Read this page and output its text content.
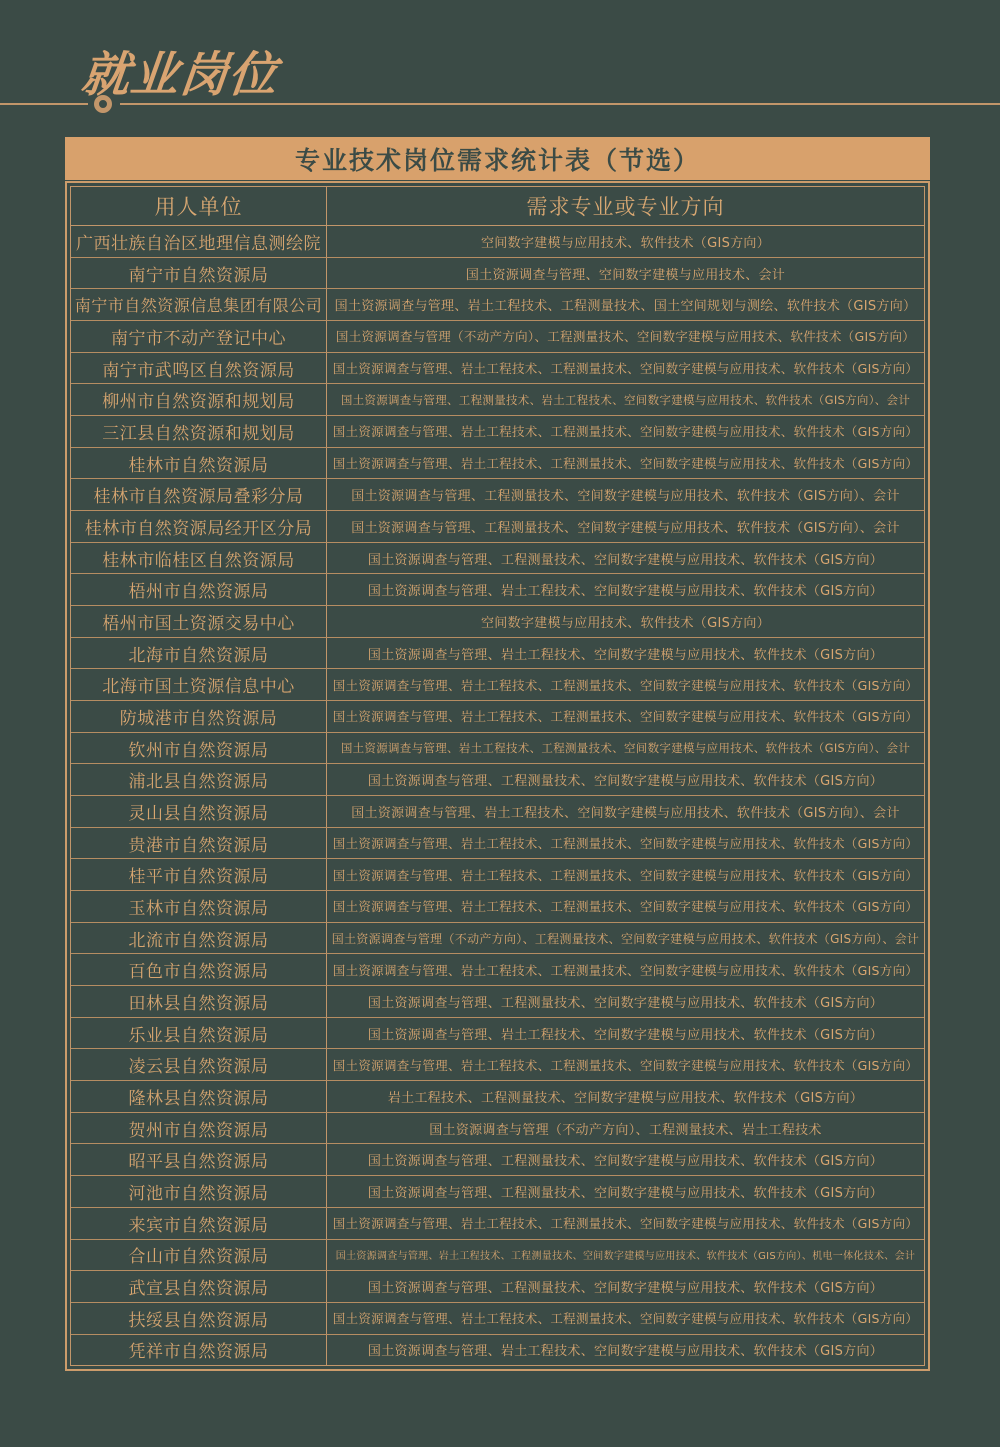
就业岗位
专业技术岗位需求统计表（节选）
用人单位	需求专业或专业方向
广西壮族自治区地理信息测绘院	空间数字建模与应用技术、软件技术（GIS方向）
南宁市自然资源局	国土资源调查与管理、空间数字建模与应用技术、会计
南宁市自然资源信息集团有限公司 国土资源调查与管理、岩土工程技术、工程测量技术、国土空间规划与测绘、软件技术（GIS方向）
南宁市不动产登记中心	国土资源调查与管理（不动产方向）、工程测量技术、空间数字建模与应用技术、软件技术（GIS方向）
南宁市武鸣区自然资源局	国土资源调查与管理、岩土工程技术、工程测量技术、空间数字建模与应用技术、软件技术（GIS方向）
柳州市自然资源和规划局	国土资源调查与管理、工程测量技术、岩土工程技术、空间数字建模与应用技术、软件技术（GIS方向）、会计
三江县自然资源和规划局	国土资源调查与管理、岩土工程技术、工程测量技术、空间数字建模与应用技术、软件技术（GIS方向）
桂林市自然资源局	国土资源调查与管理、岩土工程技术、工程测量技术、空间数字建模与应用技术、软件技术（GIS方向）
桂林市自然资源局叠彩分局	国土资源调查与管理、工程测量技术、空间数字建模与应用技术、软件技术（GIS方向）、会计
桂林市自然资源局经开区分局	国土资源调查与管理、工程测量技术、空间数字建模与应用技术、软件技术（GIS方向）、会计
桂林市临桂区自然资源局	国土资源调查与管理、工程测量技术、空间数字建模与应用技术、软件技术（GIS方向）
梧州市自然资源局	国土资源调查与管理、岩土工程技术、空间数字建模与应用技术、软件技术（GIS方向）
梧州市国土资源交易中心	空间数字建模与应用技术、软件技术（GIS方向）
北海市自然资源局	国土资源调查与管理、岩土工程技术、空间数字建模与应用技术、软件技术（GIS方向）
北海市国土资源信息中心	国土资源调查与管理、岩土工程技术、工程测量技术、空间数字建模与应用技术、软件技术（GIS方向）
防城港市自然资源局	国土资源调查与管理、岩土工程技术、工程测量技术、空间数字建模与应用技术、软件技术（GIS方向）
钦州市自然资源局	国土资源调查与管理、岩土工程技术、工程测量技术、空间数字建模与应用技术、软件技术（GIS方向）、会计
浦北县自然资源局	国土资源调查与管理、工程测量技术、空间数字建模与应用技术、软件技术（GIS方向）
灵山县自然资源局	国土资源调查与管理、岩土工程技术、空间数字建模与应用技术、软件技术（GIS方向）、会计
贵港市自然资源局	国土资源调查与管理、岩土工程技术、工程测量技术、空间数字建模与应用技术、软件技术（GIS方向）
桂平市自然资源局	国土资源调查与管理、岩土工程技术、工程测量技术、空间数字建模与应用技术、软件技术（GIS方向）
玉林市自然资源局	国土资源调查与管理、岩土工程技术、工程测量技术、空间数字建模与应用技术、软件技术（GIS方向）
北流市自然资源局	国土资源调查与管理（不动产方向）、工程测量技术、空间数字建模与应用技术、软件技术（GIS方向）、会计
百色市自然资源局	国土资源调查与管理、岩土工程技术、工程测量技术、空间数字建模与应用技术、软件技术（GIS方向）
田林县自然资源局	国土资源调查与管理、工程测量技术、空间数字建模与应用技术、软件技术（GIS方向）
乐业县自然资源局	国土资源调查与管理、岩土工程技术、空间数字建模与应用技术、软件技术（GIS方向）
凌云县自然资源局	国土资源调查与管理、岩土工程技术、工程测量技术、空间数字建模与应用技术、软件技术（GIS方向）
隆林县自然资源局	岩土工程技术、工程测量技术、空间数字建模与应用技术、软件技术（GIS方向）
贺州市自然资源局	国土资源调查与管理（不动产方向）、工程测量技术、岩土工程技术
昭平县自然资源局	国土资源调查与管理、工程测量技术、空间数字建模与应用技术、软件技术（GIS方向）
河池市自然资源局	国土资源调查与管理、工程测量技术、空间数字建模与应用技术、软件技术（GIS方向）
来宾市自然资源局	国土资源调查与管理、岩土工程技术、工程测量技术、空间数字建模与应用技术、软件技术（GIS方向）
合山市自然资源局	国土资源调查与管理、岩土工程技术、工程测量技术、空间数字建模与应用技术、软件技术（GIS方向）、机电一体化技术、会计
武宣县自然资源局	国土资源调查与管理、工程测量技术、空间数字建模与应用技术、软件技术（GIS方向）
扶绥县自然资源局	国土资源调查与管理、岩土工程技术、工程测量技术、空间数字建模与应用技术、软件技术（GIS方向）
凭祥市自然资源局	国土资源调查与管理、岩土工程技术、空间数字建模与应用技术、软件技术（GIS方向）
